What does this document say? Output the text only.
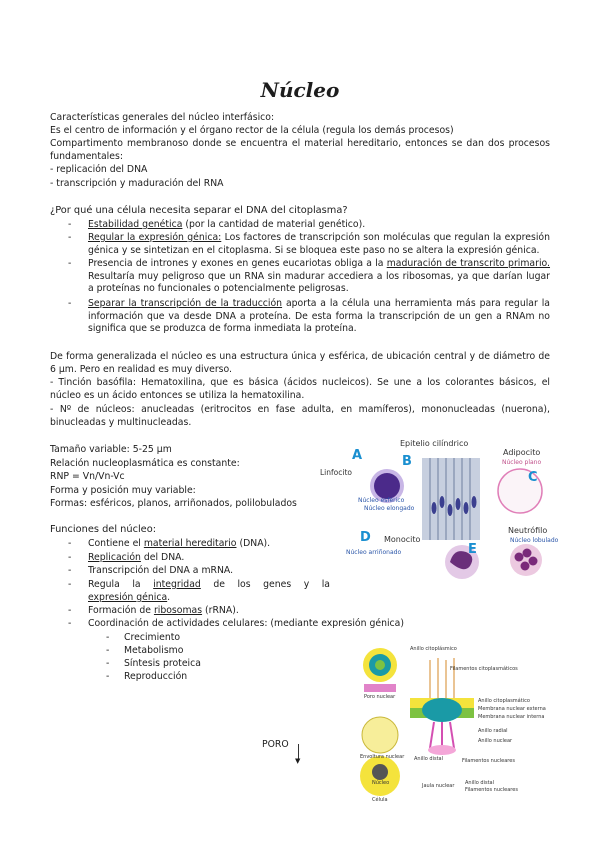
Núcleo
Características generales del núcleo interfásico:
Es el centro de información y el órgano rector de la célula (regula los demás procesos)
Compartimento membranoso donde se encuentra el material hereditario, entonces se dan dos procesos fundamentales:
- replicación del DNA
- transcripción y maduración del RNA
¿Por qué una célula necesita separar el DNA del citoplasma?
- Estabilidad genética (por la cantidad de material genético).
- Regular la expresión génica: Los factores de transcripción son moléculas que regulan la expresión génica y se sintetizan en el citoplasma. Si se bloquea este paso no se altera la expresión génica.
- Presencia de intrones y exones en genes eucariotas obliga a la maduración de transcrito primario. Resultaría muy peligroso que un RNA sin madurar accediera a los ribosomas, ya que darían lugar a proteínas no funcionales o potencialmente peligrosas.
- Separar la transcripción de la traducción aporta a la célula una herramienta más para regular la información que va desde DNA a proteína. De esta forma la transcripción de un gen a RNAm no significa que se produzca de forma inmediata la proteína.
De forma generalizada el núcleo es una estructura única y esférica, de ubicación central y de diámetro de 6 µm. Pero en realidad es muy diverso.
- Tinción basófila: Hematoxilina, que es básica (ácidos nucleicos). Se une a los colorantes básicos, el núcleo es un ácido entonces se utiliza la hematoxilina.
- Nº de núcleos: anucleadas (eritrocitos en fase adulta, en mamíferos), mononucleadas (nuerona), binucleadas y multinucleadas.
Tamaño variable: 5-25 µm
Relación nucleoplasmática es constante:
RNP = Vn/Vn-Vc
Forma y posición muy variable:
Formas: esféricos, planos, arriñonados, polilobulados
Funciones del núcleo:
- Contiene el material hereditario (DNA).
- Replicación del DNA.
- Transcripción del DNA a mRNA.
- Regula la integridad de los genes y la
expresión génica.
- Formación de ribosomas (rRNA).
- Coordinación de actividades celulares: (mediante expresión génica)
- Crecimiento
- Metabolismo
- Síntesis proteica
- Reproducción
A	B
C
D
E
Epitelio cilíndrico
Linfocito
Adipocito
Núcleo plano
Núcleo esférico
Núcleo elongado
Monocito
Núcleo arriñonado
Neutrófilo
Núcleo lobulado
PORO
▼
Anillo citoplásmico
Filamentos citoplasmáticos
Anillo citoplasmático
Membrana nuclear externa
Membrana nuclear interna
Anillo radial
Anillo nuclear
Filamentos nucleares
Anillo distal
Jaula nuclear Anillo distal
Filamentos nucleares
Poro nuclear
Envoltura nuclear
Núcleo
Célula
